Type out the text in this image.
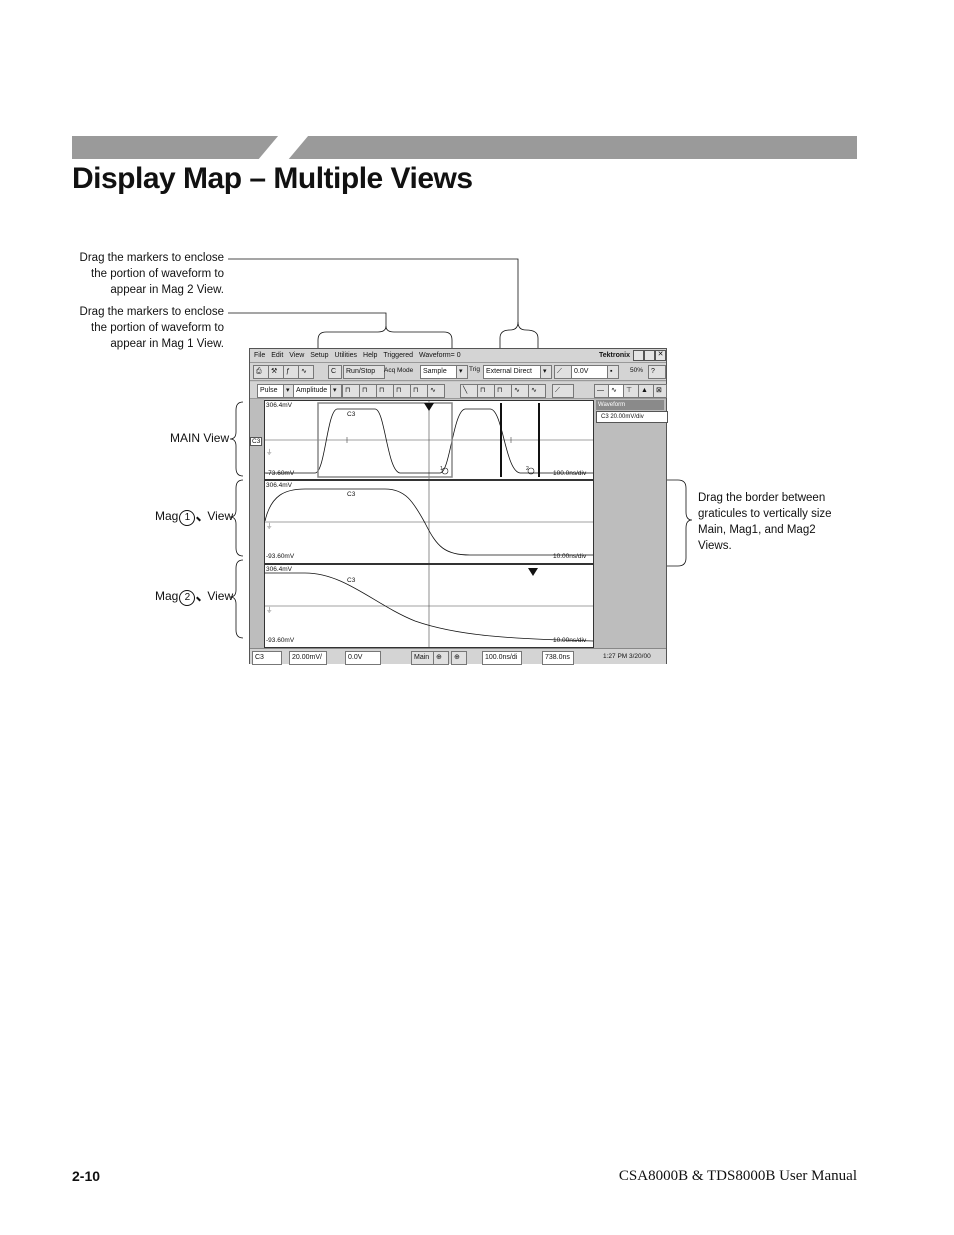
Display Map – Multiple Views
Drag the markers to enclose
the portion of waveform to
appear in Mag 2 View.
Drag the markers to enclose
the portion of waveform to
appear in Mag 1 View.
Drag the border between
graticules to vertically size
Main, Mag1, and Mag2
Views.
MAIN View
Mag 1 View
Mag 2 View
File Edit View Setup Utilities Help Triggered Waveform= 0	Tektronix	✕
⎙	⚒	ƒ	∿	C	Run/Stop	Acq Mode	Sample	▾ Trig External Direct	▾	⟋	0.0V	▪	50%	?
Pulse	▾ Amplitude ▾	⊓	⊓	⊓	⊓	⊓	∿	╲	⊓	⊓	∿	∿	⟋	—	∿	⊤	▲	⊠
Waveform
C3 20.00mV/div
306.4mV
C3
-73.60mV
1	2
100.0ns/div
⏚
C3
306.4mV
C3
-93.60mV	10.00ns/div
⏚
306.4mV
C3
-93.60mV	10.00ns/div
⏚
C3	20.00mV/	0.0V	Main ⊕	⊕	100.0ns/di	738.0ns	1:27 PM 3/20/00
2-10	CSA8000B & TDS8000B User Manual
